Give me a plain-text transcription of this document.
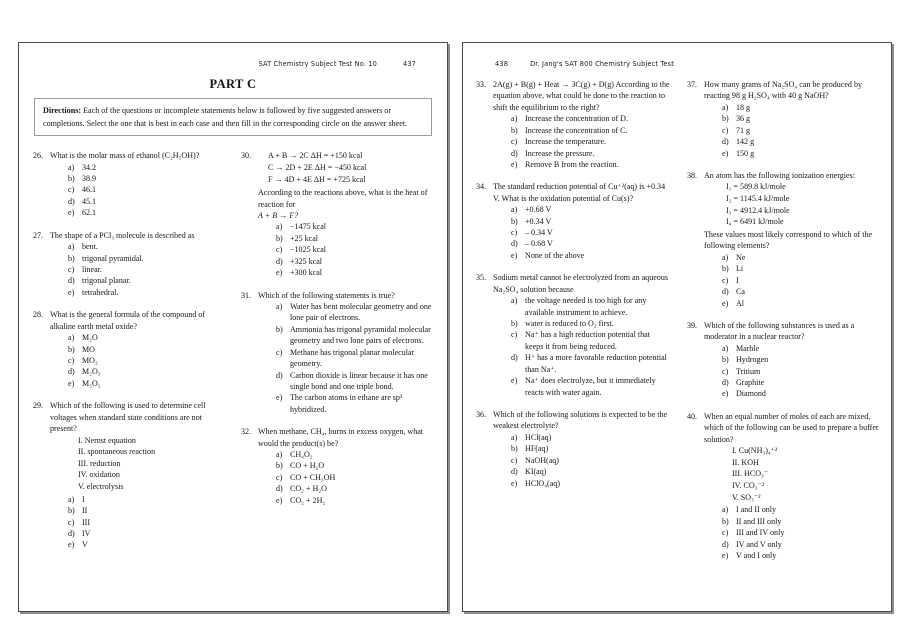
SAT Chemistry Subject Test No. 10	437
PART C
Directions: Each of the questions or incomplete statements below is followed by five suggested answers or completions. Select the one that is best in each case and then fill in the corresponding circle on the answer sheet.
26. What is the molar mass of ethanol (C₂H₅OH)?
a) 34.2
b) 38.9
c) 46.1
d) 45.1
e) 62.1
27. The shape of a PCl₃ molecule is described as
a) bent.
b) trigonal pyramidal.
c) linear.
d) trigonal planar.
e) tetrahedral.
28. What is the general formula of the compound of alkaline earth metal oxide?
a) M₂O
b) MO
c) MO₂
d) M₂O₃
e) M₃O₂
29. Which of the following is used to determine cell voltages when standard state conditions are not present?
I. Nernst equation
II. spontaneous reaction
III. reduction
IV. oxidation
V. electrolysis
a) I
b) II
c) III
d) IV
e) V
30.	A + B → 2C ΔH = +150 kcal
C → 2D + 2E ΔH = −450 kcal
F → 4D + 4E ΔH = +725 kcal
According to the reactions above, what is the heat of reaction for
A + B → F?
a) −1475 kcal
b) +25 kcal
c) −1025 kcal
d) +325 kcal
e) +300 kcal
31. Which of the following statements is true?
a) Water has bent molecular geometry and one lone pair of electrons.
b) Ammonia has trigonal pyramidal molecular geometry and two lone pairs of electrons.
c) Methane has trigonal planar molecular geometry.
d) Carbon dioxide is linear because it has one single bond and one triple bond.
e) The carbon atoms in ethane are sp³ hybridized.
32. When methane, CH₄, burns in excess oxygen, what would the product(s) be?
a) CH₄O₂
b) CO + H₂O
c) CO + CH₃OH
d) CO₂ + H₂O
e) CO₂ + 2H₂
438	Dr. Jang's SAT 800 Chemistry Subject Test
33. 2A(g) + B(g) + Heat → 3C(g) + D(g) According to the equation above, what could be done to the reaction to shift the equilibrium to the right?
a) Increase the concentration of D.
b) Increase the concentration of C.
c) Increase the temperature.
d) Increase the pressure.
e) Remove B from the reaction.
34. The standard reduction potential of Cu⁺²(aq) is +0.34 V. What is the oxidation potential of Cu(s)?
a) +0.68 V
b) +0.34 V
c) – 0.34 V
d) – 0.68 V
e) None of the above
35. Sodium metal cannot be electrolyzed from an aqueous Na₂SO₄ solution because
a) the voltage needed is too high for any available instrument to achieve.
b) water is reduced to O₂ first.
c) Na⁺ has a high reduction potential that keeps it from being reduced.
d) H⁺ has a more favorable reduction potential than Na⁺.
e) Na⁺ does electrolyze, but it immediately reacts with water again.
36. Which of the following solutions is expected to be the weakest electrolyte?
a) HCl(aq)
b) HF(aq)
c) NaOH(aq)
d) KI(aq)
e) HClO₄(aq)
37. How many grams of Na₂SO₄ can be produced by reacting 98 g H₂SO₄ with 40 g NaOH?
a) 18 g
b) 36 g
c) 71 g
d) 142 g
e) 150 g
38. An atom has the following ionization energies:
I₁ = 589.8 kJ/mole
I₂ = 1145.4 kJ/mole
I₃ = 4912.4 kJ/mole
I₄ = 6491 kJ/mole
These values most likely correspond to which of the following elements?
a) Ne
b) Li
c) I
d) Ca
e) Al
39. Which of the following substances is used as a moderator in a nuclear reactor?
a) Marble
b) Hydrogen
c) Tritium
d) Graphite
e) Diamond
40. When an equal number of moles of each are mixed, which of the following can be used to prepare a buffer solution?
I. Cu(NH₃)₄⁺²
II. KOH
III. HCO₃⁻
IV. CO₃⁻²
V. SO₃⁻²
a) I and II only
b) II and III only
c) III and IV only
d) IV and V only
e) V and I only
